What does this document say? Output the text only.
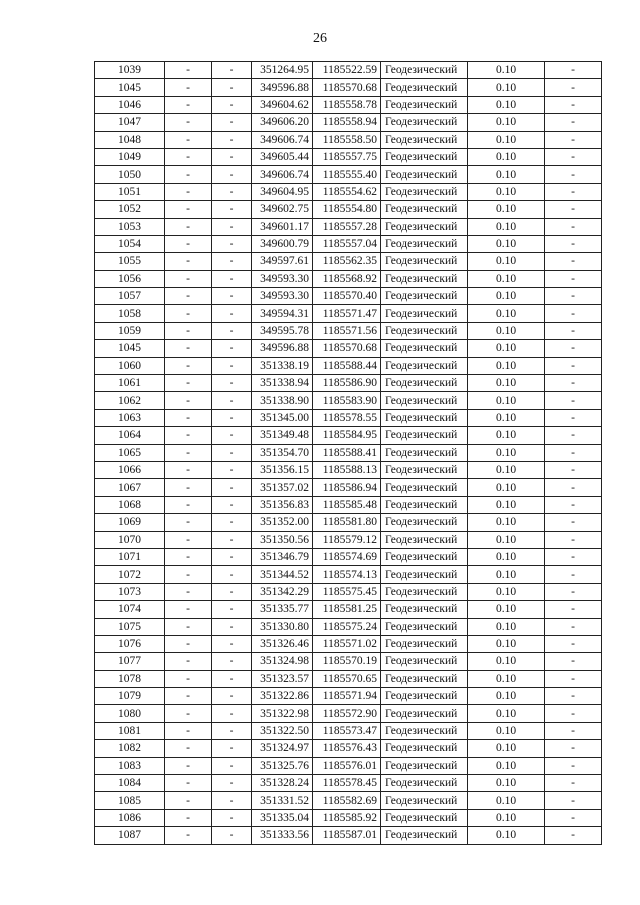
26
1039	-	-	351264.95	1185522.59	Геодезический	0.10	-
1045	-	-	349596.88	1185570.68	Геодезический	0.10	-
1046	-	-	349604.62	1185558.78	Геодезический	0.10	-
1047	-	-	349606.20	1185558.94	Геодезический	0.10	-
1048	-	-	349606.74	1185558.50	Геодезический	0.10	-
1049	-	-	349605.44	1185557.75	Геодезический	0.10	-
1050	-	-	349606.74	1185555.40	Геодезический	0.10	-
1051	-	-	349604.95	1185554.62	Геодезический	0.10	-
1052	-	-	349602.75	1185554.80	Геодезический	0.10	-
1053	-	-	349601.17	1185557.28	Геодезический	0.10	-
1054	-	-	349600.79	1185557.04	Геодезический	0.10	-
1055	-	-	349597.61	1185562.35	Геодезический	0.10	-
1056	-	-	349593.30	1185568.92	Геодезический	0.10	-
1057	-	-	349593.30	1185570.40	Геодезический	0.10	-
1058	-	-	349594.31	1185571.47	Геодезический	0.10	-
1059	-	-	349595.78	1185571.56	Геодезический	0.10	-
1045	-	-	349596.88	1185570.68	Геодезический	0.10	-
1060	-	-	351338.19	1185588.44	Геодезический	0.10	-
1061	-	-	351338.94	1185586.90	Геодезический	0.10	-
1062	-	-	351338.90	1185583.90	Геодезический	0.10	-
1063	-	-	351345.00	1185578.55	Геодезический	0.10	-
1064	-	-	351349.48	1185584.95	Геодезический	0.10	-
1065	-	-	351354.70	1185588.41	Геодезический	0.10	-
1066	-	-	351356.15	1185588.13	Геодезический	0.10	-
1067	-	-	351357.02	1185586.94	Геодезический	0.10	-
1068	-	-	351356.83	1185585.48	Геодезический	0.10	-
1069	-	-	351352.00	1185581.80	Геодезический	0.10	-
1070	-	-	351350.56	1185579.12	Геодезический	0.10	-
1071	-	-	351346.79	1185574.69	Геодезический	0.10	-
1072	-	-	351344.52	1185574.13	Геодезический	0.10	-
1073	-	-	351342.29	1185575.45	Геодезический	0.10	-
1074	-	-	351335.77	1185581.25	Геодезический	0.10	-
1075	-	-	351330.80	1185575.24	Геодезический	0.10	-
1076	-	-	351326.46	1185571.02	Геодезический	0.10	-
1077	-	-	351324.98	1185570.19	Геодезический	0.10	-
1078	-	-	351323.57	1185570.65	Геодезический	0.10	-
1079	-	-	351322.86	1185571.94	Геодезический	0.10	-
1080	-	-	351322.98	1185572.90	Геодезический	0.10	-
1081	-	-	351322.50	1185573.47	Геодезический	0.10	-
1082	-	-	351324.97	1185576.43	Геодезический	0.10	-
1083	-	-	351325.76	1185576.01	Геодезический	0.10	-
1084	-	-	351328.24	1185578.45	Геодезический	0.10	-
1085	-	-	351331.52	1185582.69	Геодезический	0.10	-
1086	-	-	351335.04	1185585.92	Геодезический	0.10	-
1087	-	-	351333.56	1185587.01	Геодезический	0.10	-
